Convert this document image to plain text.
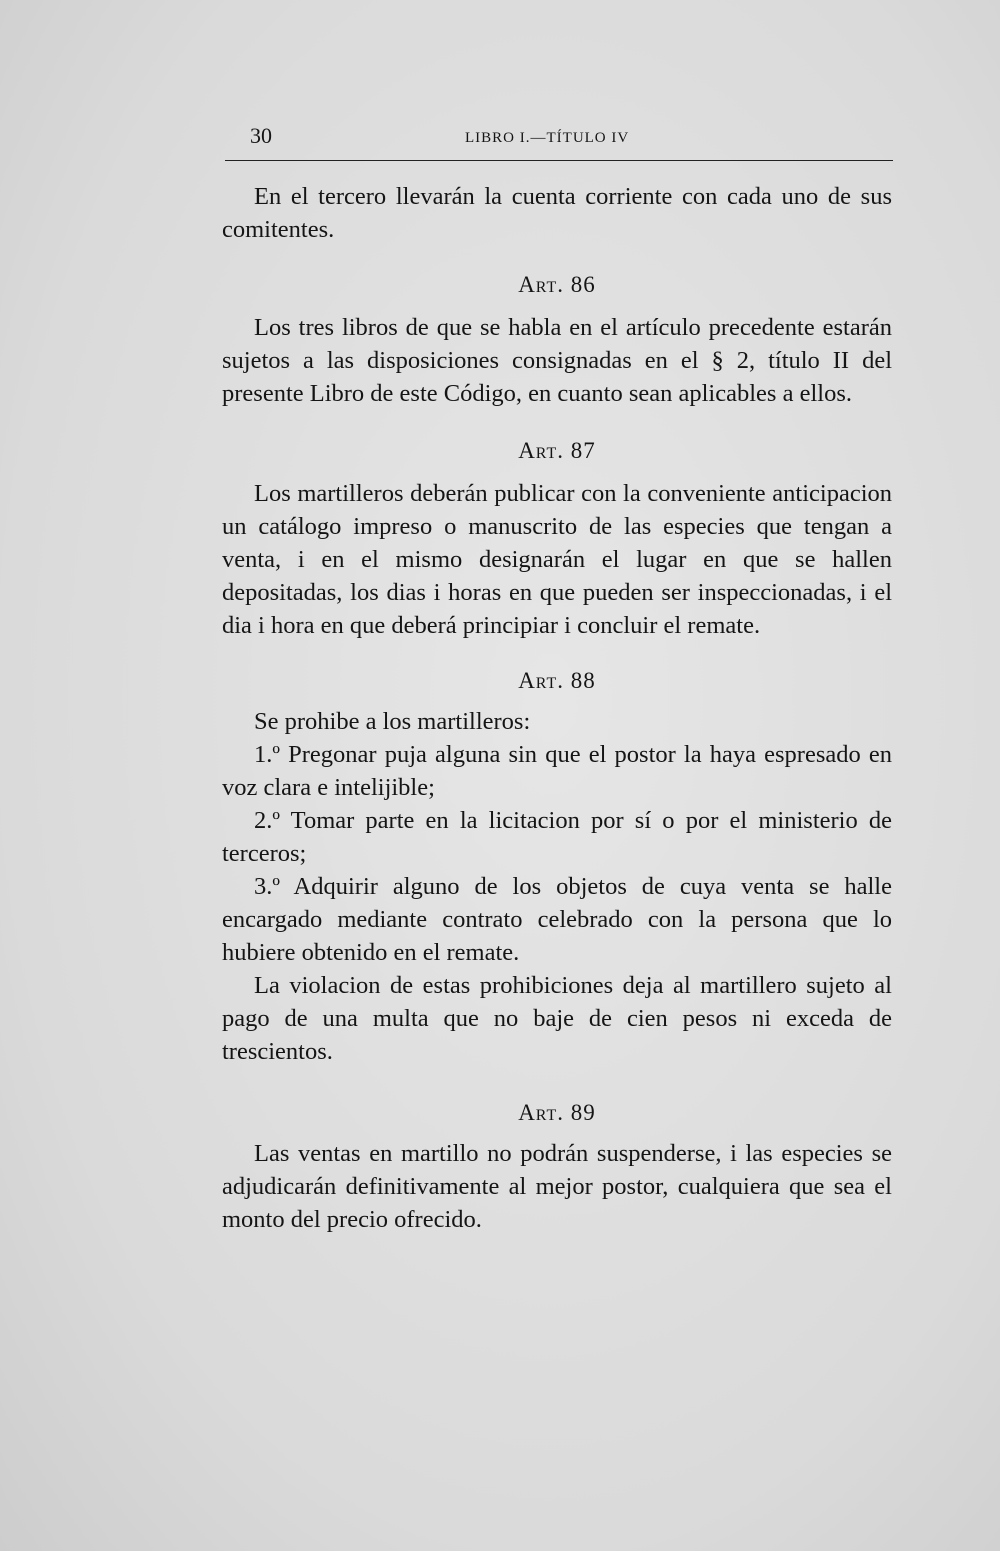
30	LIBRO I.—TÍTULO IV

En el tercero llevarán la cuenta corriente con cada uno de sus comitentes.

Art. 86

Los tres libros de que se habla en el artículo precedente estarán sujetos a las disposiciones consignadas en el § 2, título II del presente Libro de este Código, en cuanto sean aplicables a ellos.

Art. 87

Los martilleros deberán publicar con la conveniente anticipacion un catálogo impreso o manuscrito de las especies que tengan a venta, i en el mismo designarán el lugar en que se hallen depositadas, los dias i horas en que pueden ser inspeccionadas, i el dia i hora en que deberá principiar i concluir el remate.

Art. 88

Se prohibe a los martilleros:

1.º Pregonar puja alguna sin que el postor la haya espresado en voz clara e intelijible;

2.º Tomar parte en la licitacion por sí o por el ministerio de terceros;

3.º Adquirir alguno de los objetos de cuya venta se halle encargado mediante contrato celebrado con la persona que lo hubiere obtenido en el remate.

La violacion de estas prohibiciones deja al martillero sujeto al pago de una multa que no baje de cien pesos ni exceda de trescientos.

Art. 89

Las ventas en martillo no podrán suspenderse, i las especies se adjudicarán definitivamente al mejor postor, cualquiera que sea el monto del precio ofrecido.
